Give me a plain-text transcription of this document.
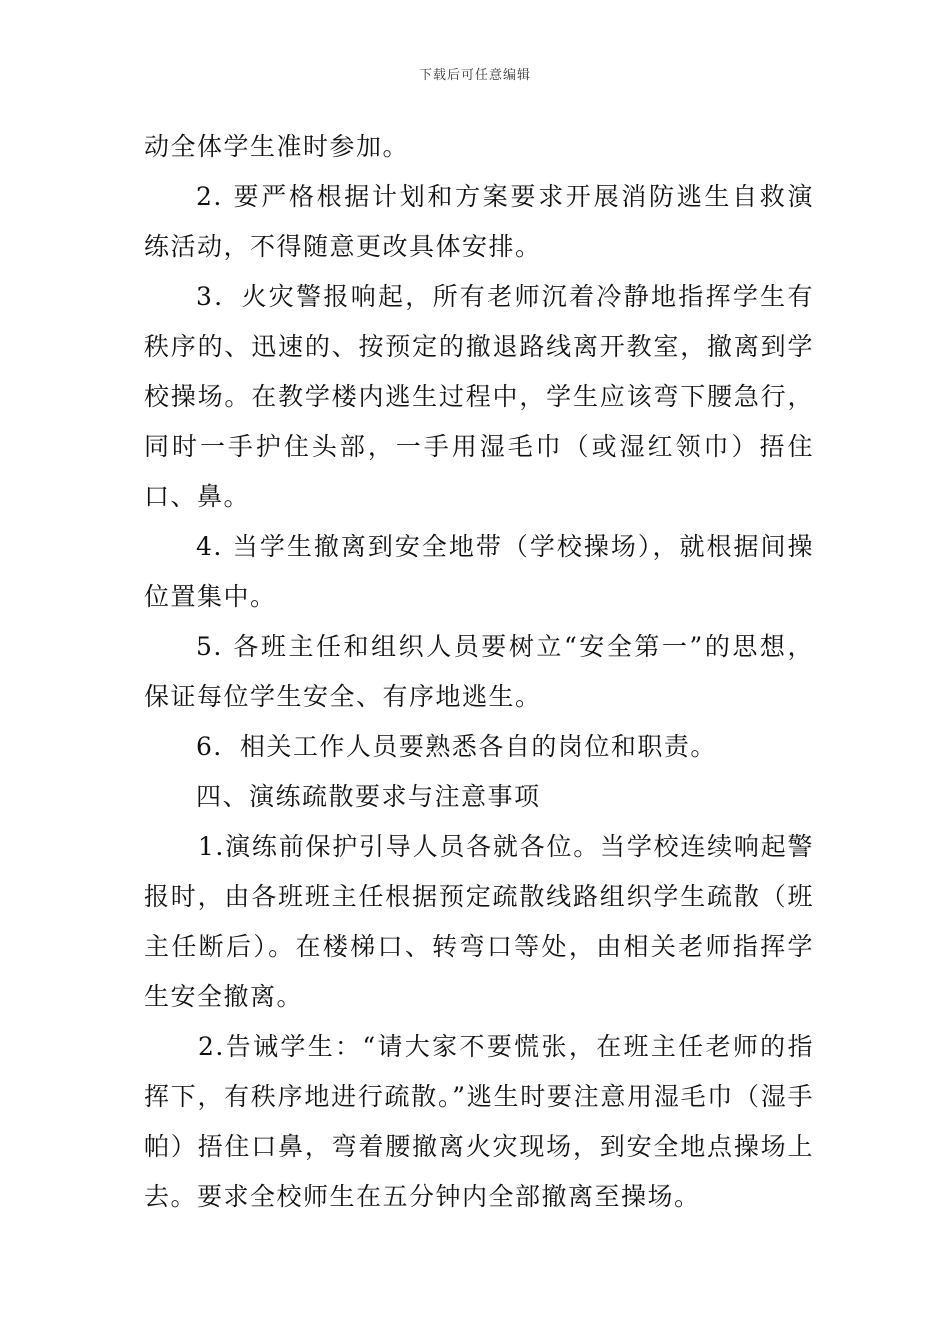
下载后可任意编辑

动全体学生准时参加。

2. 要严格根据计划和方案要求开展消防逃生自救演练活动，不得随意更改具体安排。

3．火灾警报响起，所有老师沉着冷静地指挥学生有秩序的、迅速的、按预定的撤退路线离开教室，撤离到学校操场。在教学楼内逃生过程中，学生应该弯下腰急行，同时一手护住头部，一手用湿毛巾（或湿红领巾）捂住口、鼻。

4. 当学生撤离到安全地带（学校操场），就根据间操位置集中。

5. 各班主任和组织人员要树立“安全第一”的思想，保证每位学生安全、有序地逃生。

6．相关工作人员要熟悉各自的岗位和职责。

四、演练疏散要求与注意事项

1.演练前保护引导人员各就各位。当学校连续响起警报时，由各班班主任根据预定疏散线路组织学生疏散（班主任断后）。在楼梯口、转弯口等处，由相关老师指挥学生安全撤离。

2.告诫学生：“请大家不要慌张，在班主任老师的指挥下，有秩序地进行疏散。”逃生时要注意用湿毛巾（湿手帕）捂住口鼻，弯着腰撤离火灾现场，到安全地点操场上去。要求全校师生在五分钟内全部撤离至操场。
